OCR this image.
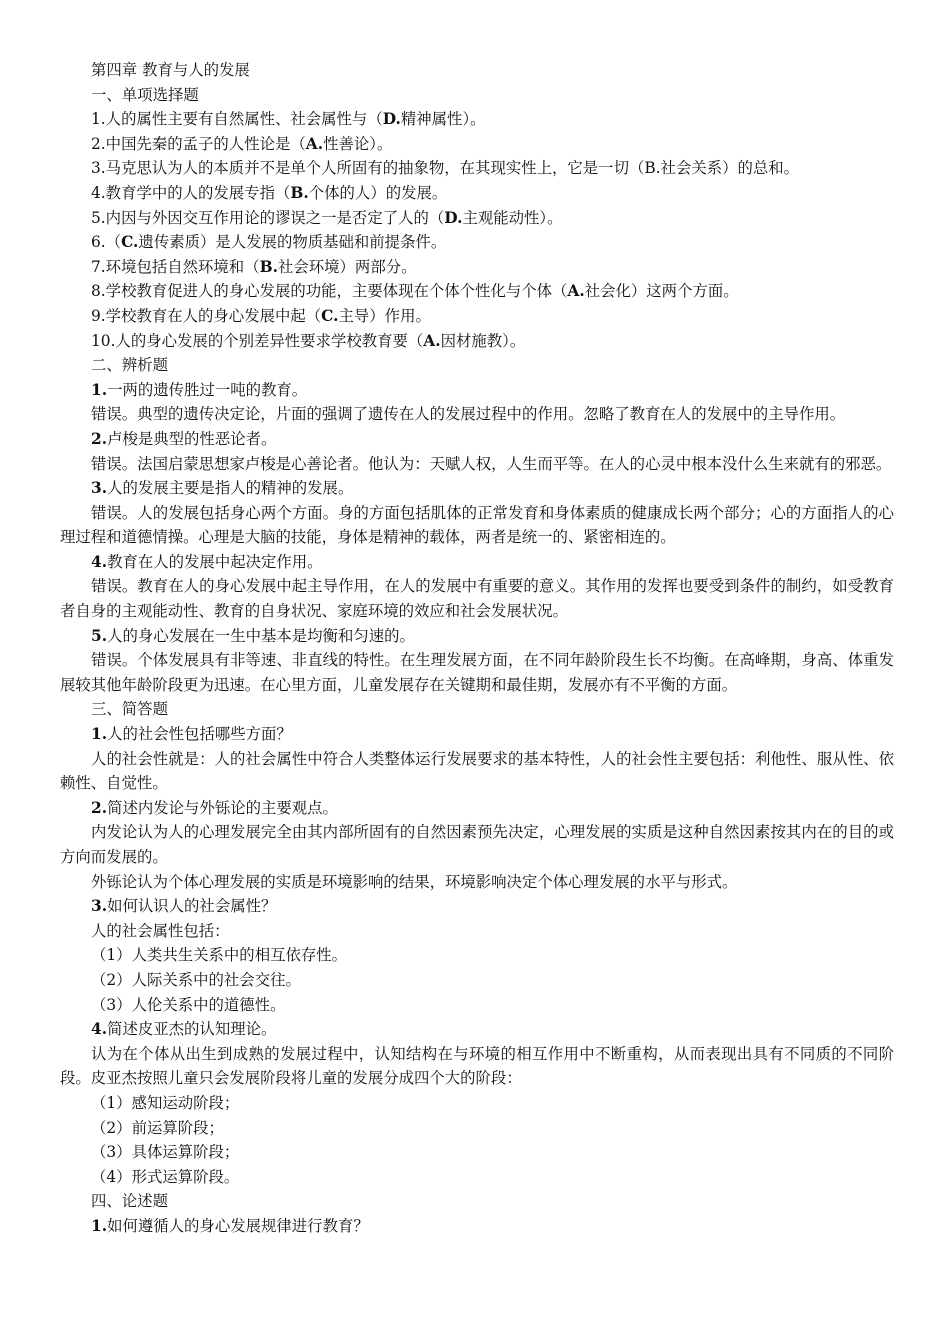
第四章 教育与人的发展
一、单项选择题
1.人的属性主要有自然属性、社会属性与（D.精神属性）。
2.中国先秦的孟子的人性论是（A.性善论）。
3.马克思认为人的本质并不是单个人所固有的抽象物，在其现实性上，它是一切（B.社会关系）的总和。
4.教育学中的人的发展专指（B.个体的人）的发展。
5.内因与外因交互作用论的谬误之一是否定了人的（D.主观能动性）。
6.（C.遗传素质）是人发展的物质基础和前提条件。
7.环境包括自然环境和（B.社会环境）两部分。
8.学校教育促进人的身心发展的功能，主要体现在个体个性化与个体（A.社会化）这两个方面。
9.学校教育在人的身心发展中起（C.主导）作用。
10.人的身心发展的个别差异性要求学校教育要（A.因材施教）。
二、辨析题
1.一两的遗传胜过一吨的教育。
错误。典型的遗传决定论，片面的强调了遗传在人的发展过程中的作用。忽略了教育在人的发展中的主导作用。
2.卢梭是典型的性恶论者。
错误。法国启蒙思想家卢梭是心善论者。他认为：天赋人权，人生而平等。在人的心灵中根本没什么生来就有的邪恶。
3.人的发展主要是指人的精神的发展。
错误。人的发展包括身心两个方面。身的方面包括肌体的正常发育和身体素质的健康成长两个部分；心的方面指人的心理过程和道德情操。心理是大脑的技能，身体是精神的载体，两者是统一的、紧密相连的。
4.教育在人的发展中起决定作用。
错误。教育在人的身心发展中起主导作用，在人的发展中有重要的意义。其作用的发挥也要受到条件的制约，如受教育者自身的主观能动性、教育的自身状况、家庭环境的效应和社会发展状况。
5.人的身心发展在一生中基本是均衡和匀速的。
错误。个体发展具有非等速、非直线的特性。在生理发展方面，在不同年龄阶段生长不均衡。在高峰期，身高、体重发展较其他年龄阶段更为迅速。在心里方面，儿童发展存在关键期和最佳期，发展亦有不平衡的方面。
三、简答题
1.人的社会性包括哪些方面？
人的社会性就是：人的社会属性中符合人类整体运行发展要求的基本特性，人的社会性主要包括：利他性、服从性、依赖性、自觉性。
2.简述内发论与外铄论的主要观点。
内发论认为人的心理发展完全由其内部所固有的自然因素预先决定，心理发展的实质是这种自然因素按其内在的目的或方向而发展的。
外铄论认为个体心理发展的实质是环境影响的结果，环境影响决定个体心理发展的水平与形式。
3.如何认识人的社会属性？
人的社会属性包括：
（1）人类共生关系中的相互依存性。
（2）人际关系中的社会交往。
（3）人伦关系中的道德性。
4.简述皮亚杰的认知理论。
认为在个体从出生到成熟的发展过程中，认知结构在与环境的相互作用中不断重构，从而表现出具有不同质的不同阶段。皮亚杰按照儿童只会发展阶段将儿童的发展分成四个大的阶段：
（1）感知运动阶段；
（2）前运算阶段；
（3）具体运算阶段；
（4）形式运算阶段。
四、论述题
1.如何遵循人的身心发展规律进行教育？
